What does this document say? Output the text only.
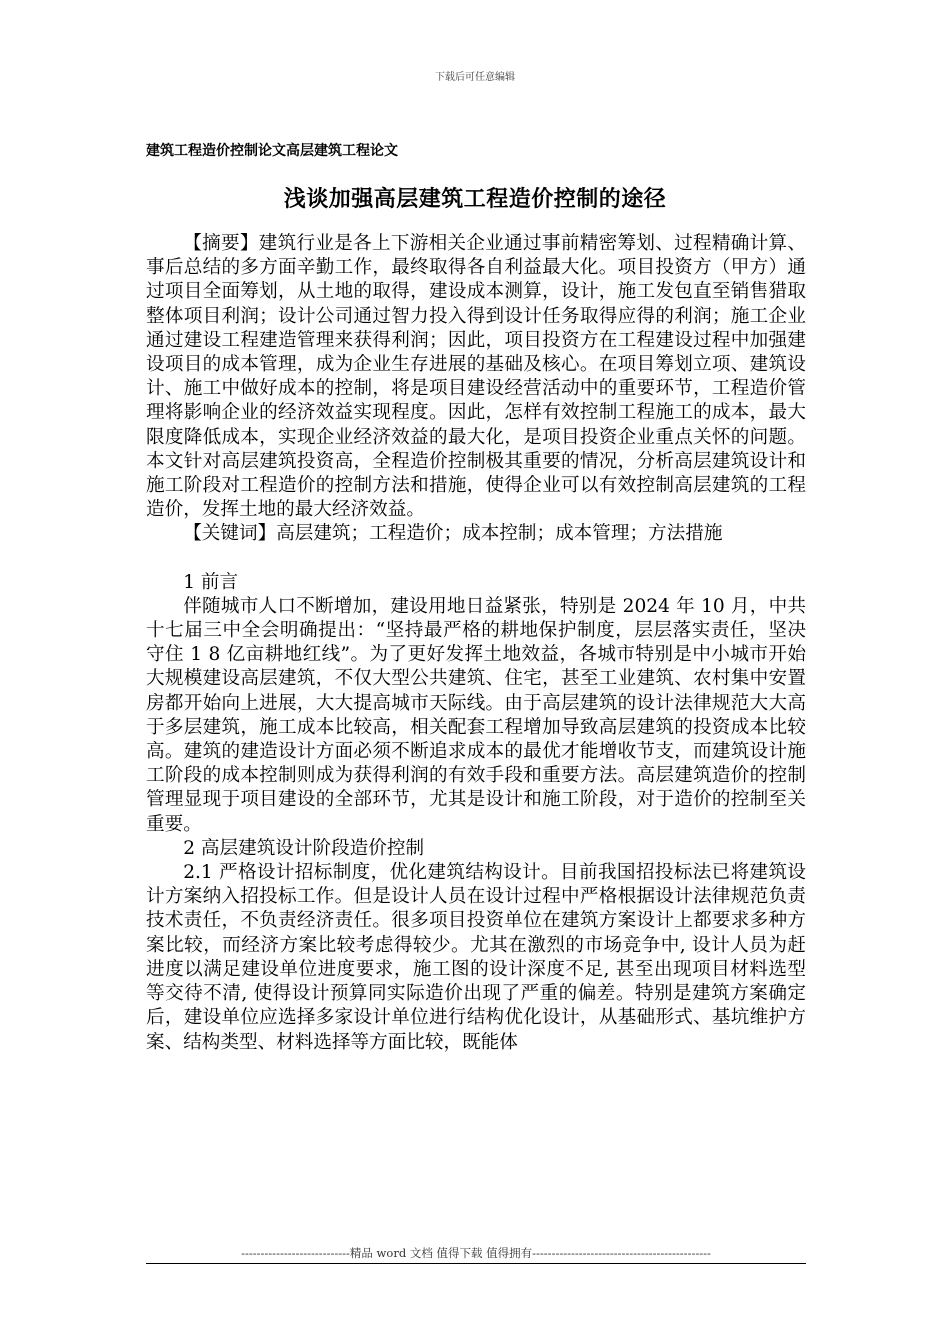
下载后可任意编辑
建筑工程造价控制论文高层建筑工程论文
浅谈加强高层建筑工程造价控制的途径

【摘要】建筑行业是各上下游相关企业通过事前精密筹划、过程精确计算、事后总结的多方面辛勤工作，最终取得各自利益最大化。项目投资方（甲方）通过项目全面筹划，从土地的取得，建设成本测算，设计，施工发包直至销售猎取整体项目利润；设计公司通过智力投入得到设计任务取得应得的利润；施工企业通过建设工程建造管理来获得利润；因此，项目投资方在工程建设过程中加强建设项目的成本管理，成为企业生存进展的基础及核心。在项目筹划立项、建筑设计、施工中做好成本的控制，将是项目建设经营活动中的重要环节，工程造价管理将影响企业的经济效益实现程度。因此，怎样有效控制工程施工的成本，最大限度降低成本，实现企业经济效益的最大化，是项目投资企业重点关怀的问题。本文针对高层建筑投资高，全程造价控制极其重要的情况，分析高层建筑设计和施工阶段对工程造价的控制方法和措施，使得企业可以有效控制高层建筑的工程造价，发挥土地的最大经济效益。

【关键词】高层建筑；工程造价；成本控制；成本管理；方法措施

1 前言

伴随城市人口不断增加，建设用地日益紧张，特别是 2024 年 10 月，中共十七届三中全会明确提出：“坚持最严格的耕地保护制度，层层落实责任，坚决守住 1 8 亿亩耕地红线”。为了更好发挥土地效益，各城市特别是中小城市开始大规模建设高层建筑，不仅大型公共建筑、住宅，甚至工业建筑、农村集中安置房都开始向上进展，大大提高城市天际线。由于高层建筑的设计法律规范大大高于多层建筑，施工成本比较高，相关配套工程增加导致高层建筑的投资成本比较高。建筑的建造设计方面必须不断追求成本的最优才能增收节支，而建筑设计施工阶段的成本控制则成为获得利润的有效手段和重要方法。高层建筑造价的控制管理显现于项目建设的全部环节，尤其是设计和施工阶段，对于造价的控制至关重要。

2 高层建筑设计阶段造价控制

2.1 严格设计招标制度，优化建筑结构设计。目前我国招投标法已将建筑设计方案纳入招投标工作。但是设计人员在设计过程中严格根据设计法律规范负责技术责任，不负责经济责任。很多项目投资单位在建筑方案设计上都要求多种方案比较，而经济方案比较考虑得较少。尤其在激烈的市场竞争中, 设计人员为赶进度以满足建设单位进度要求，施工图的设计深度不足, 甚至出现项目材料选型等交待不清, 使得设计预算同实际造价出现了严重的偏差。特别是建筑方案确定后，建设单位应选择多家设计单位进行结构优化设计，从基础形式、基坑维护方案、结构类型、材料选择等方面比较，既能体

----------------------------精品 word 文档 值得下载 值得拥有----------------------------------------------
